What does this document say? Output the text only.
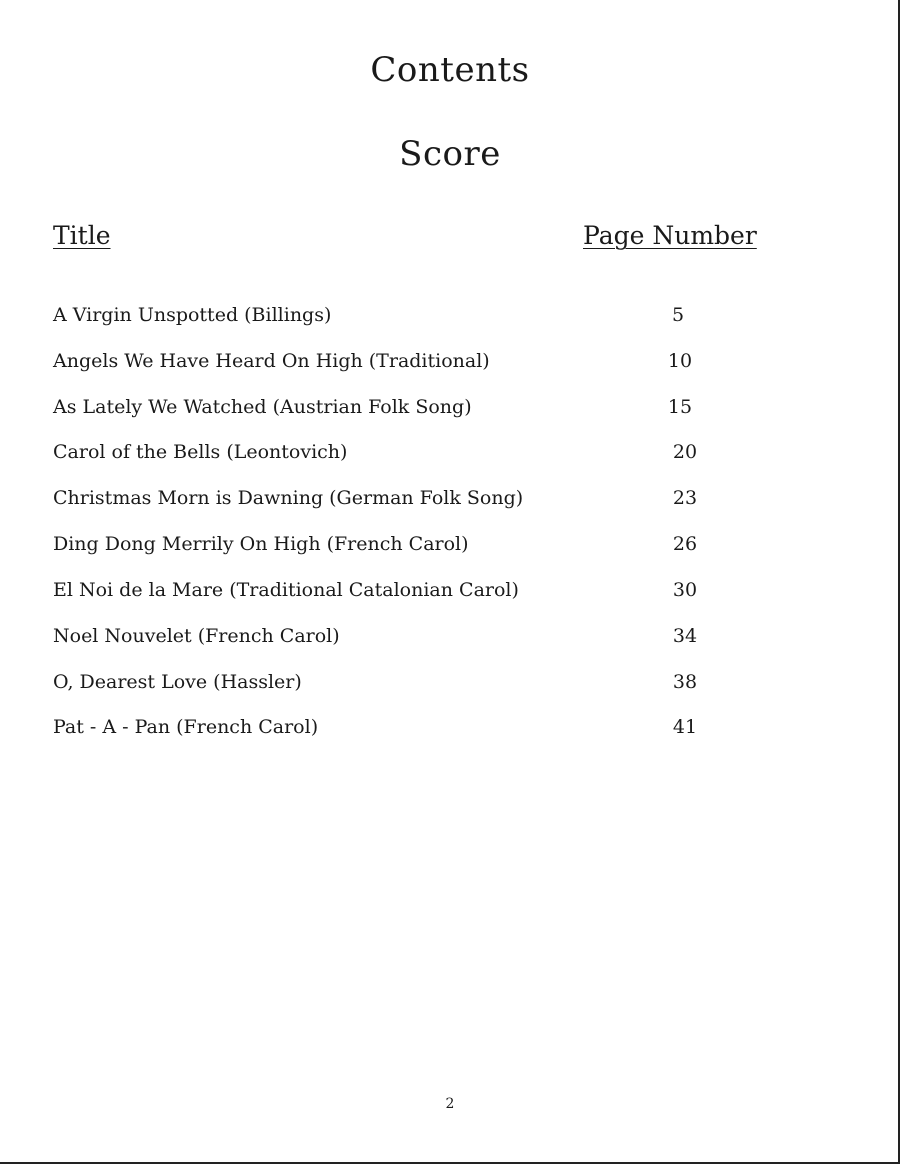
Contents
Score
Title	Page Number
A Virgin Unspotted (Billings)	5
Angels We Have Heard On High (Traditional)	10
As Lately We Watched (Austrian Folk Song)	15
Carol of the Bells (Leontovich)	20
Christmas Morn is Dawning (German Folk Song)	23
Ding Dong Merrily On High (French Carol)	26
El Noi de la Mare (Traditional Catalonian Carol)	30
Noel Nouvelet (French Carol)	34
O, Dearest Love (Hassler)	38
Pat - A - Pan (French Carol)	41
2
